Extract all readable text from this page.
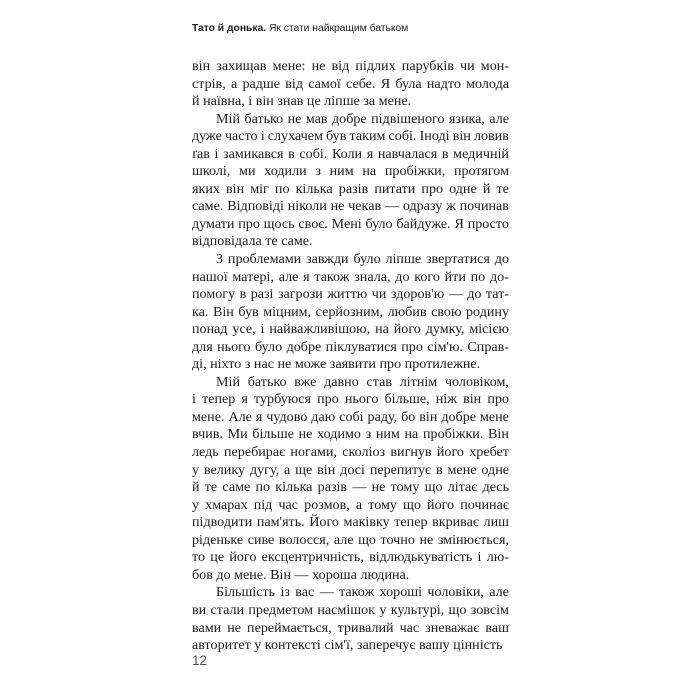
Тато й донька. Як стати найкращим батьком

він захищав мене: не від підлих парубків чи мон-
стрів, а радше від самої себе. Я була надто молода
й наївна, і він знав це ліпше за мене.

Мій батько не мав добре підвішеного язика, але
дуже часто і слухачем був таким собі. Іноді він ловив
ґав і замикався в собі. Коли я навчалася в медичній
школі, ми ходили з ним на пробіжки, протягом
яких він міг по кілька разів питати про одне й те
саме. Відповіді ніколи не чекав — одразу ж починав
думати про щось своє. Мені було байдуже. Я просто
відповідала те саме.

З проблемами завжди було ліпше звертатися до
нашої матері, але я також знала, до кого йти по до-
помогу в разі загрози життю чи здоров'ю — до тат-
ка. Він був міцним, серйозним, любив свою родину
понад усе, і найважливішою, на його думку, місією
для нього було добре піклуватися про сім'ю. Справ-
ді, ніхто з нас не може заявити про протилежне.

Мій батько вже давно став літнім чоловіком,
і тепер я турбуюся про нього більше, ніж він про
мене. Але я чудово даю собі раду, бо він добре мене
вчив. Ми більше не ходимо з ним на пробіжки. Він
ледь перебирає ногами, сколіоз вигнув його хребет
у велику дугу, а ще він досі перепитує в мене одне
й те саме по кілька разів — не тому що літає десь
у хмарах під час розмов, а тому що його починає
підводити пам'ять. Його маківку тепер вкриває лиш
ріденьке сиве волосся, але що точно не змінюється,
то це його ексцентричність, відлюдькуватість і лю-
бов до мене. Він — хороша людина.

Більшість із вас — також хороші чоловіки, але
ви стали предметом насмішок у культурі, що зовсім
вами не переймається, тривалий час зневажає ваш
авторитет у контексті сім'ї, заперечує вашу цінність

12
